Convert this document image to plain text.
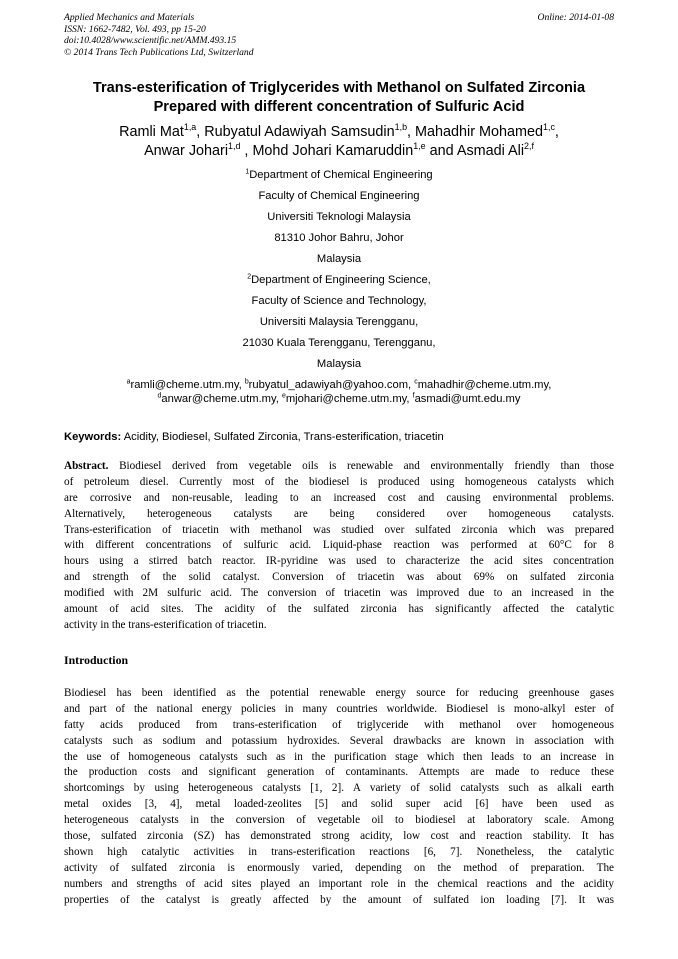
Applied Mechanics and Materials
ISSN: 1662-7482, Vol. 493, pp 15-20
doi:10.4028/www.scientific.net/AMM.493.15
© 2014 Trans Tech Publications Ltd, Switzerland
Online: 2014-01-08
Trans-esterification of Triglycerides with Methanol on Sulfated Zirconia
Prepared with different concentration of Sulfuric Acid
Ramli Mat$^{1,a}$, Rubyatul Adawiyah Samsudin$^{1,b}$, Mahadhir Mohamed$^{1,c}$,
Anwar Johari$^{1,d}$ , Mohd Johari Kamaruddin$^{1,e}$ and Asmadi Ali$^{2,f}$
$^1$Department of Chemical Engineering
Faculty of Chemical Engineering
Universiti Teknologi Malaysia
81310 Johor Bahru, Johor
Malaysia
$^2$Department of Engineering Science,
Faculty of Science and Technology,
Universiti Malaysia Terengganu,
21030 Kuala Terengganu, Terengganu,
Malaysia
$^a$ramli@cheme.utm.my, $^b$rubyatul_adawiyah@yahoo.com, $^c$mahadhir@cheme.utm.my,
$^d$anwar@cheme.utm.my, $^e$mjohari@cheme.utm.my, $^f$asmadi@umt.edu.my
Keywords: Acidity, Biodiesel, Sulfated Zirconia, Trans-esterification, triacetin
Abstract. Biodiesel derived from vegetable oils is renewable and environmentally friendly than those
of petroleum diesel. Currently most of the biodiesel is produced using homogeneous catalysts which
are corrosive and non-reusable, leading to an increased cost and causing environmental problems.
Alternatively, heterogeneous catalysts are being considered over homogeneous catalysts.
Trans-esterification of triacetin with methanol was studied over sulfated zirconia which was prepared
with different concentrations of sulfuric acid. Liquid-phase reaction was performed at 60°C for 8
hours using a stirred batch reactor. IR-pyridine was used to characterize the acid sites concentration
and strength of the solid catalyst. Conversion of triacetin was about 69% on sulfated zirconia
modified with 2M sulfuric acid. The conversion of triacetin was improved due to an increased in the
amount of acid sites. The acidity of the sulfated zirconia has significantly affected the catalytic
activity in the trans-esterification of triacetin.
Introduction
Biodiesel has been identified as the potential renewable energy source for reducing greenhouse gases
and part of the national energy policies in many countries worldwide. Biodiesel is mono-alkyl ester of
fatty acids produced from trans-esterification of triglyceride with methanol over homogeneous
catalysts such as sodium and potassium hydroxides. Several drawbacks are known in association with
the use of homogeneous catalysts such as in the purification stage which then leads to an increase in
the production costs and significant generation of contaminants. Attempts are made to reduce these
shortcomings by using heterogeneous catalysts [1, 2]. A variety of solid catalysts such as alkali earth
metal oxides [3, 4], metal loaded-zeolites [5] and solid super acid [6] have been used as
heterogeneous catalysts in the conversion of vegetable oil to biodiesel at laboratory scale. Among
those, sulfated zirconia (SZ) has demonstrated strong acidity, low cost and reaction stability. It has
shown high catalytic activities in trans-esterification reactions [6, 7]. Nonetheless, the catalytic
activity of sulfated zirconia is enormously varied, depending on the method of preparation. The
numbers and strengths of acid sites played an important role in the chemical reactions and the acidity
properties of the catalyst is greatly affected by the amount of sulfated ion loading [7]. It was
